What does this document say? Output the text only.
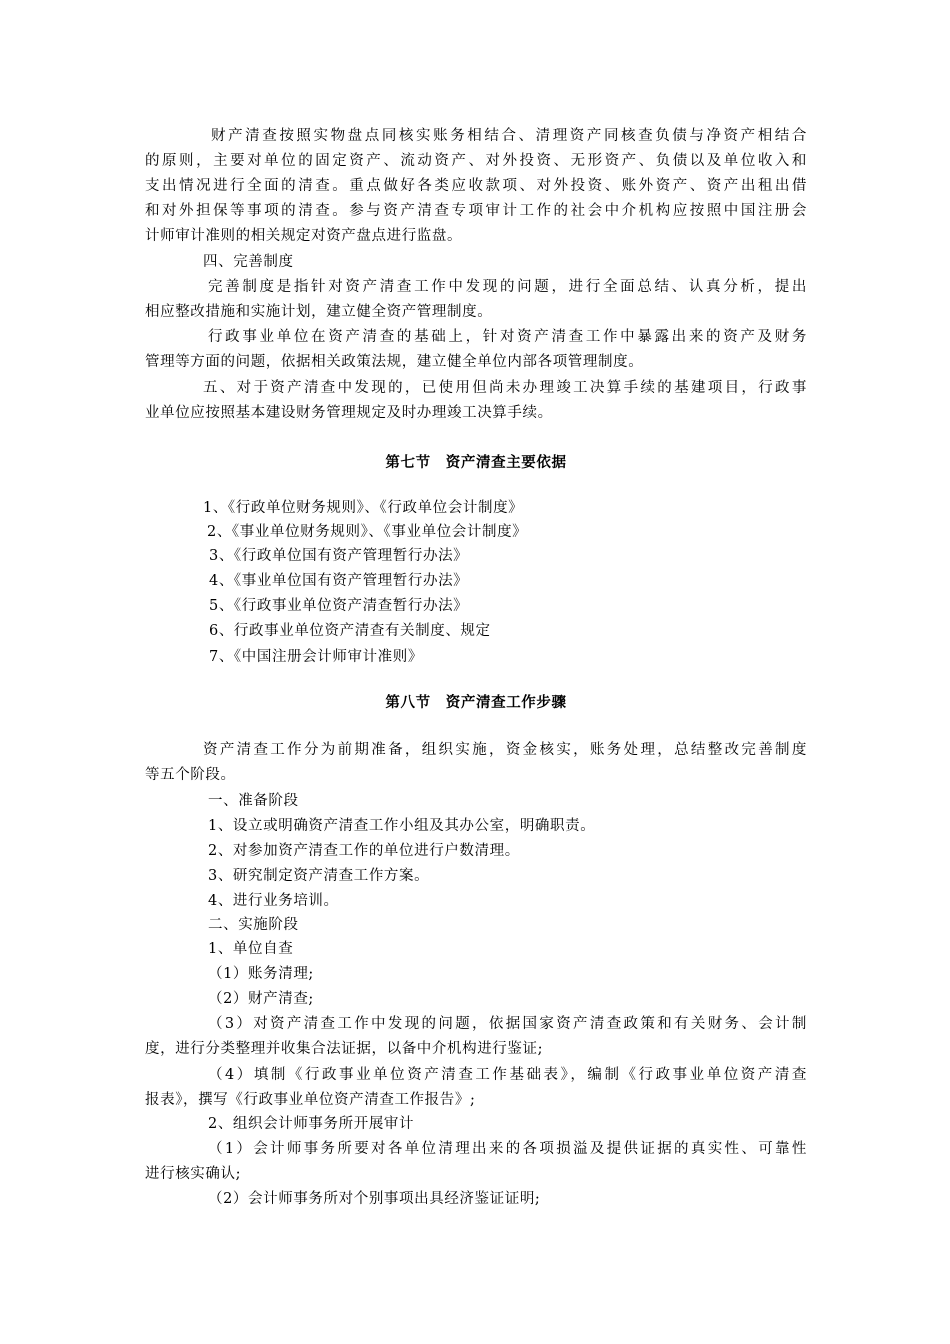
财产清查按照实物盘点同核实账务相结合、清理资产同核查负债与净资产相结合
的原则，主要对单位的固定资产、流动资产、对外投资、无形资产、负债以及单位收入和
支出情况进行全面的清查。重点做好各类应收款项、对外投资、账外资产、资产出租出借
和对外担保等事项的清查。参与资产清查专项审计工作的社会中介机构应按照中国注册会
计师审计准则的相关规定对资产盘点进行监盘。
四、完善制度
完善制度是指针对资产清查工作中发现的问题，进行全面总结、认真分析，提出
相应整改措施和实施计划，建立健全资产管理制度。
行政事业单位在资产清查的基础上，针对资产清查工作中暴露出来的资产及财务
管理等方面的问题，依据相关政策法规，建立健全单位内部各项管理制度。
五、对于资产清查中发现的，已使用但尚未办理竣工决算手续的基建项目，行政事
业单位应按照基本建设财务管理规定及时办理竣工决算手续。
第七节　资产清查主要依据
1、《行政单位财务规则》、《行政单位会计制度》
2、《事业单位财务规则》、《事业单位会计制度》
3、《行政单位国有资产管理暂行办法》
4、《事业单位国有资产管理暂行办法》
5、《行政事业单位资产清查暂行办法》
6、行政事业单位资产清查有关制度、规定
7、《中国注册会计师审计准则》
第八节　资产清查工作步骤
资产清查工作分为前期准备，组织实施，资金核实，账务处理，总结整改完善制度
等五个阶段。
一、准备阶段
1、设立或明确资产清查工作小组及其办公室，明确职责。
2、对参加资产清查工作的单位进行户数清理。
3、研究制定资产清查工作方案。
4、进行业务培训。
二、实施阶段
1、单位自查
（1）账务清理;
（2）财产清查;
（3）对资产清查工作中发现的问题，依据国家资产清查政策和有关财务、会计制
度，进行分类整理并收集合法证据，以备中介机构进行鉴证;
（4）填制《行政事业单位资产清查工作基础表》，编制《行政事业单位资产清查
报表》，撰写《行政事业单位资产清查工作报告》;
2、组织会计师事务所开展审计
（1）会计师事务所要对各单位清理出来的各项损溢及提供证据的真实性、可靠性
进行核实确认;
（2）会计师事务所对个别事项出具经济鉴证证明;
